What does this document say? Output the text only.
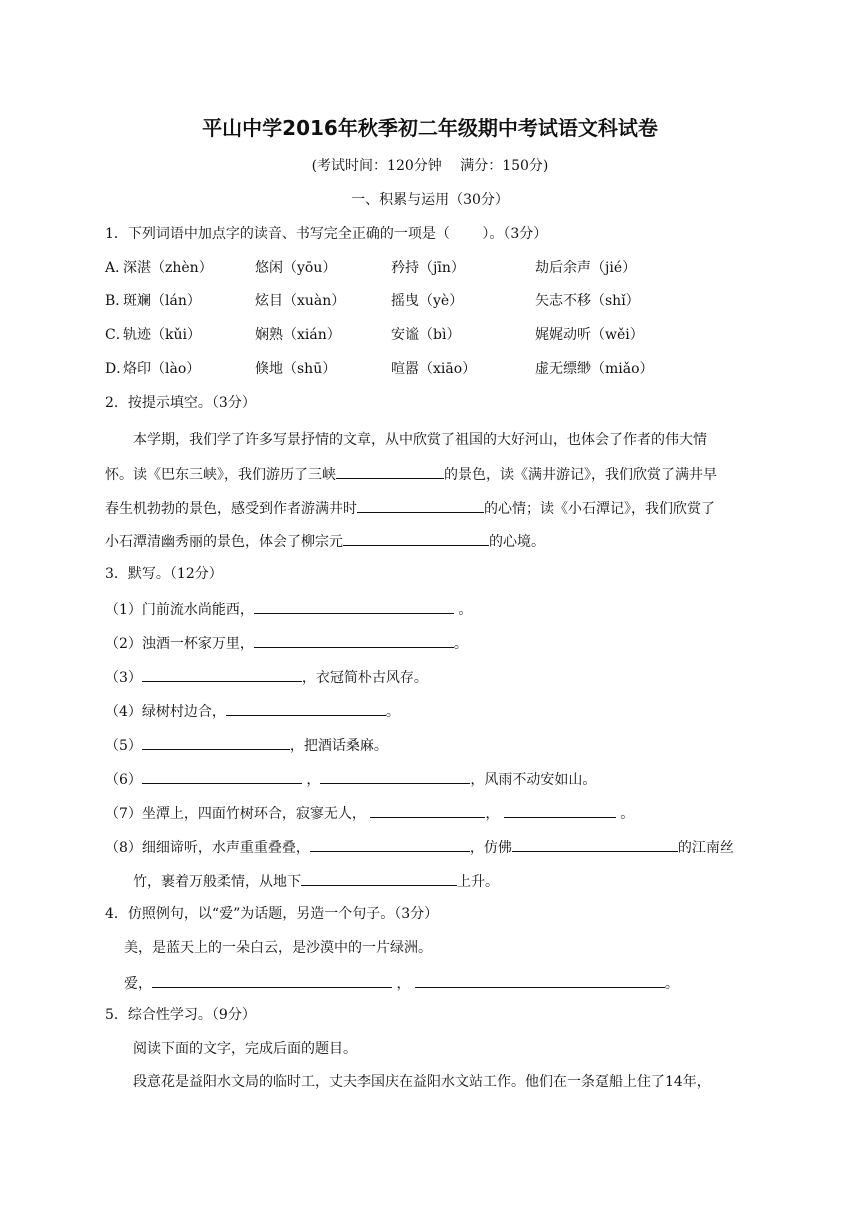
平山中学2016年秋季初二年级期中考试语文科试卷
(考试时间：120分钟　 满分：150分)
一、积累与运用（30分）
1．下列词语中加点字的读音、书写完全正确的一项是（　　 ）。（3分）
A．
深湛（zhèn）	悠闲（yōu）	矜持（jīn）	劫后余声（jié）
B．
斑斓（lán）	炫目（xuàn）	摇曳（yè）	矢志不移（shǐ）
C．
轨迹（kǔi）	娴熟（xián）	安谧（bì）	娓娓动听（wěi）
D．
烙印（lào）	倏地（shū）	喧嚣（xiāo）	虚无缥缈（miǎo）
2．按提示填空。（3分）
本学期，我们学了许多写景抒情的文章，从中欣赏了祖国的大好河山，也体会了作者的伟大情
怀。读《巴东三峡》，我们游历了三峡	的景色，读《满井游记》，我们欣赏了满井早
春生机勃勃的景色，感受到作者游满井时	的心情；读《小石潭记》，我们欣赏了
小石潭清幽秀丽的景色，体会了柳宗元	的心境。
3．默写。（12分）
（1）门前流水尚能西，	。
（2）浊酒一杯家万里，	。
（3）	，衣冠简朴古风存。
（4）绿树村边合，	。
（5）	，把酒话桑麻。
（6）	，	，风雨不动安如山。
（7）坐潭上，四面竹树环合，寂寥无人，	，	。
（8）细细谛听，水声重重叠叠，	，仿佛	的江南丝
竹，裹着万般柔情，从地下	上升。
4．仿照例句，以“爱”为话题，另造一个句子。（3分）
美，是蓝天上的一朵白云，是沙漠中的一片绿洲。
爱，	，	。
5．综合性学习。（9分）
阅读下面的文字，完成后面的题目。
段意花是益阳水文局的临时工，丈夫李国庆在益阳水文站工作。他们在一条趸船上住了14年，
